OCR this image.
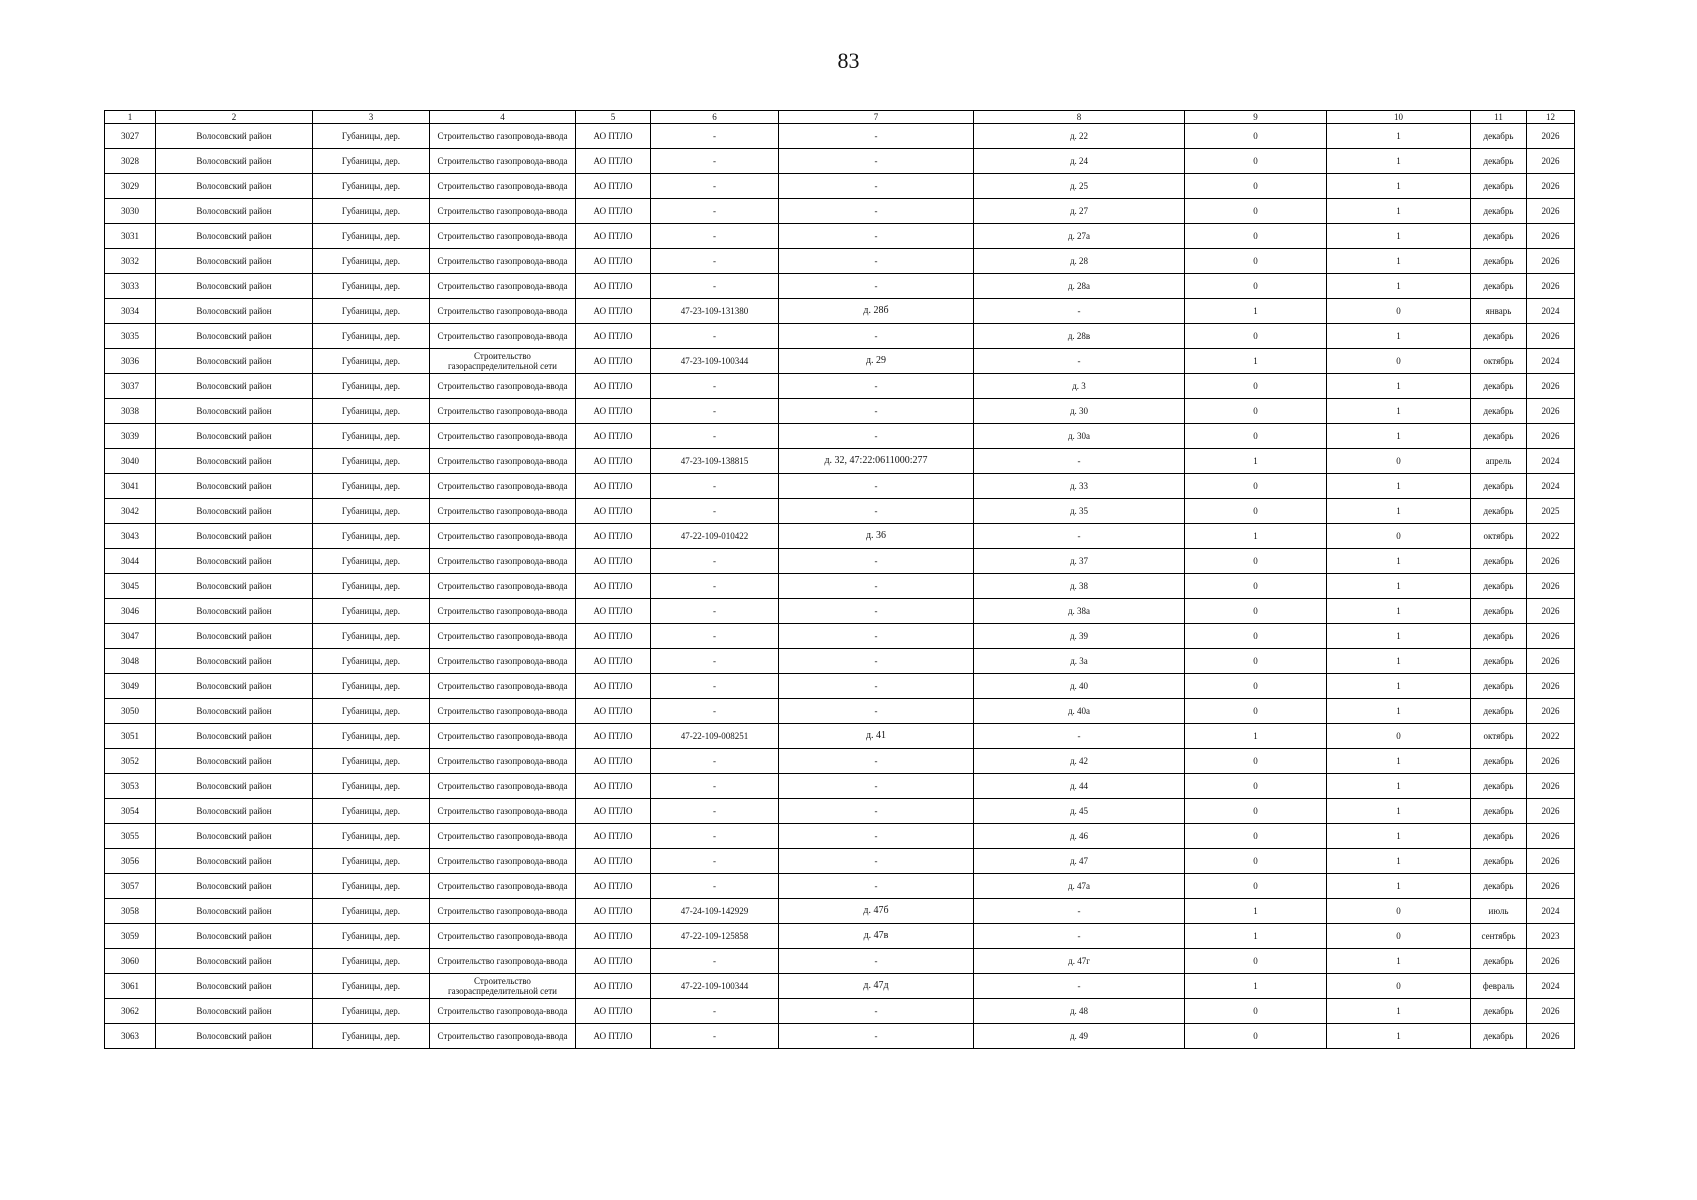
83
1	2	3	4	5	6	7	8	9	10	11	12
3027	Волосовский район	Губаницы, дер.	Строительство газопровода-ввода	АО ПТЛО	-	-	д. 22	0	1	декабрь	2026
3028	Волосовский район	Губаницы, дер.	Строительство газопровода-ввода	АО ПТЛО	-	-	д. 24	0	1	декабрь	2026
3029	Волосовский район	Губаницы, дер.	Строительство газопровода-ввода	АО ПТЛО	-	-	д. 25	0	1	декабрь	2026
3030	Волосовский район	Губаницы, дер.	Строительство газопровода-ввода	АО ПТЛО	-	-	д. 27	0	1	декабрь	2026
3031	Волосовский район	Губаницы, дер.	Строительство газопровода-ввода	АО ПТЛО	-	-	д. 27а	0	1	декабрь	2026
3032	Волосовский район	Губаницы, дер.	Строительство газопровода-ввода	АО ПТЛО	-	-	д. 28	0	1	декабрь	2026
3033	Волосовский район	Губаницы, дер.	Строительство газопровода-ввода	АО ПТЛО	-	-	д. 28а	0	1	декабрь	2026
3034	Волосовский район	Губаницы, дер.	Строительство газопровода-ввода	АО ПТЛО	47-23-109-131380	д. 28б	-	1	0	январь	2024
3035	Волосовский район	Губаницы, дер.	Строительство газопровода-ввода	АО ПТЛО	-	-	д. 28в	0	1	декабрь	2026
3036	Волосовский район	Губаницы, дер.	Строительство газораспределительной сети	АО ПТЛО	47-23-109-100344	д. 29	-	1	0	октябрь	2024
3037	Волосовский район	Губаницы, дер.	Строительство газопровода-ввода	АО ПТЛО	-	-	д. 3	0	1	декабрь	2026
3038	Волосовский район	Губаницы, дер.	Строительство газопровода-ввода	АО ПТЛО	-	-	д. 30	0	1	декабрь	2026
3039	Волосовский район	Губаницы, дер.	Строительство газопровода-ввода	АО ПТЛО	-	-	д. 30а	0	1	декабрь	2026
3040	Волосовский район	Губаницы, дер.	Строительство газопровода-ввода	АО ПТЛО	47-23-109-138815	д. 32, 47:22:0611000:277	-	1	0	апрель	2024
3041	Волосовский район	Губаницы, дер.	Строительство газопровода-ввода	АО ПТЛО	-	-	д. 33	0	1	декабрь	2024
3042	Волосовский район	Губаницы, дер.	Строительство газопровода-ввода	АО ПТЛО	-	-	д. 35	0	1	декабрь	2025
3043	Волосовский район	Губаницы, дер.	Строительство газопровода-ввода	АО ПТЛО	47-22-109-010422	д. 36	-	1	0	октябрь	2022
3044	Волосовский район	Губаницы, дер.	Строительство газопровода-ввода	АО ПТЛО	-	-	д. 37	0	1	декабрь	2026
3045	Волосовский район	Губаницы, дер.	Строительство газопровода-ввода	АО ПТЛО	-	-	д. 38	0	1	декабрь	2026
3046	Волосовский район	Губаницы, дер.	Строительство газопровода-ввода	АО ПТЛО	-	-	д. 38а	0	1	декабрь	2026
3047	Волосовский район	Губаницы, дер.	Строительство газопровода-ввода	АО ПТЛО	-	-	д. 39	0	1	декабрь	2026
3048	Волосовский район	Губаницы, дер.	Строительство газопровода-ввода	АО ПТЛО	-	-	д. 3а	0	1	декабрь	2026
3049	Волосовский район	Губаницы, дер.	Строительство газопровода-ввода	АО ПТЛО	-	-	д. 40	0	1	декабрь	2026
3050	Волосовский район	Губаницы, дер.	Строительство газопровода-ввода	АО ПТЛО	-	-	д. 40а	0	1	декабрь	2026
3051	Волосовский район	Губаницы, дер.	Строительство газопровода-ввода	АО ПТЛО	47-22-109-008251	д. 41	-	1	0	октябрь	2022
3052	Волосовский район	Губаницы, дер.	Строительство газопровода-ввода	АО ПТЛО	-	-	д. 42	0	1	декабрь	2026
3053	Волосовский район	Губаницы, дер.	Строительство газопровода-ввода	АО ПТЛО	-	-	д. 44	0	1	декабрь	2026
3054	Волосовский район	Губаницы, дер.	Строительство газопровода-ввода	АО ПТЛО	-	-	д. 45	0	1	декабрь	2026
3055	Волосовский район	Губаницы, дер.	Строительство газопровода-ввода	АО ПТЛО	-	-	д. 46	0	1	декабрь	2026
3056	Волосовский район	Губаницы, дер.	Строительство газопровода-ввода	АО ПТЛО	-	-	д. 47	0	1	декабрь	2026
3057	Волосовский район	Губаницы, дер.	Строительство газопровода-ввода	АО ПТЛО	-	-	д. 47а	0	1	декабрь	2026
3058	Волосовский район	Губаницы, дер.	Строительство газопровода-ввода	АО ПТЛО	47-24-109-142929	д. 47б	-	1	0	июль	2024
3059	Волосовский район	Губаницы, дер.	Строительство газопровода-ввода	АО ПТЛО	47-22-109-125858	д. 47в	-	1	0	сентябрь	2023
3060	Волосовский район	Губаницы, дер.	Строительство газопровода-ввода	АО ПТЛО	-	-	д. 47г	0	1	декабрь	2026
3061	Волосовский район	Губаницы, дер.	Строительство газораспределительной сети	АО ПТЛО	47-22-109-100344	д. 47д	-	1	0	февраль	2024
3062	Волосовский район	Губаницы, дер.	Строительство газопровода-ввода	АО ПТЛО	-	-	д. 48	0	1	декабрь	2026
3063	Волосовский район	Губаницы, дер.	Строительство газопровода-ввода	АО ПТЛО	-	-	д. 49	0	1	декабрь	2026
